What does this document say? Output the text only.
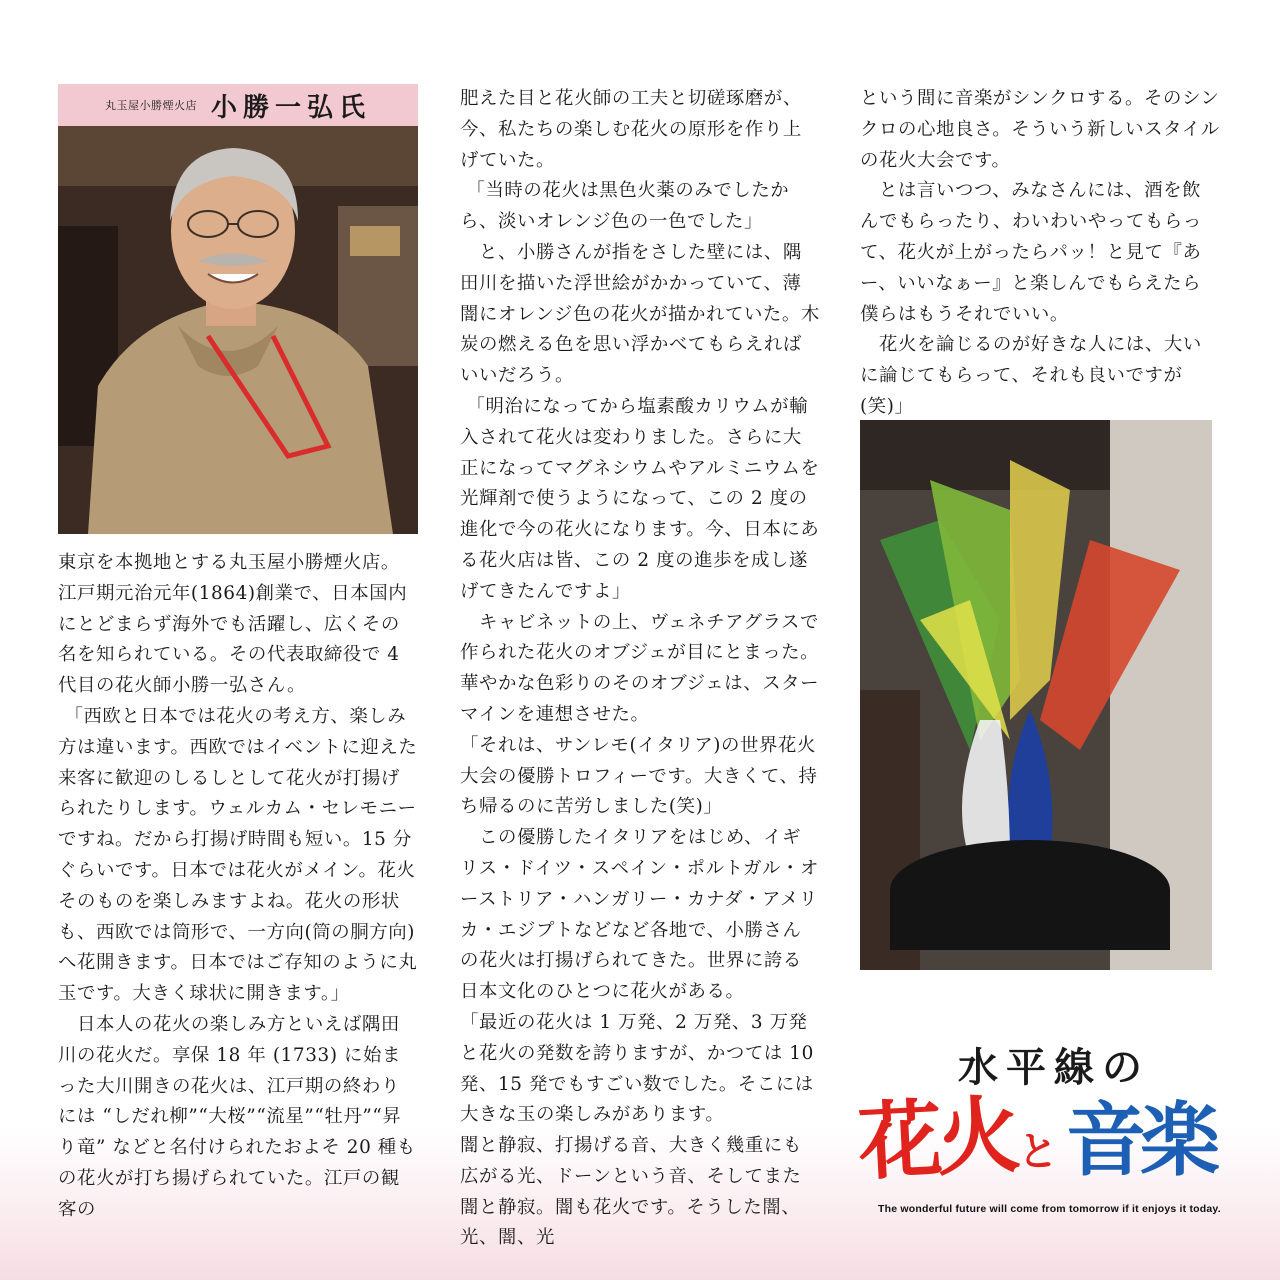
丸玉屋小勝煙火店 小勝一弘氏

東京を本拠地とする丸玉屋小勝煙火店。江戸期元治元年(1864)創業で、日本国内にとどまらず海外でも活躍し、広くその名を知られている。その代表取締役で 4 代目の花火師小勝一弘さん。

「西欧と日本では花火の考え方、楽しみ方は違います。西欧ではイベントに迎えた来客に歓迎のしるしとして花火が打揚げられたりします。ウェルカム・セレモニーですね。だから打揚げ時間も短い。15 分ぐらいです。日本では花火がメイン。花火そのものを楽しみますよね。花火の形状も、西欧では筒形で、一方向(筒の胴方向)へ花開きます。日本ではご存知のように丸玉です。大きく球状に開きます。」

　日本人の花火の楽しみ方といえば隅田川の花火だ。享保 18 年 (1733) に始まった大川開きの花火は、江戸期の終わりには “しだれ柳”“大桜”“流星”“牡丹”“昇り竜” などと名付けられたおよそ 20 種もの花火が打ち揚げられていた。江戸の観客の

肥えた目と花火師の工夫と切磋琢磨が、今、私たちの楽しむ花火の原形を作り上げていた。

「当時の花火は黒色火薬のみでしたから、淡いオレンジ色の一色でした」

　と、小勝さんが指をさした壁には、隅田川を描いた浮世絵がかかっていて、薄闇にオレンジ色の花火が描かれていた。木炭の燃える色を思い浮かべてもらえればいいだろう。

「明治になってから塩素酸カリウムが輸入されて花火は変わりました。さらに大正になってマグネシウムやアルミニウムを光輝剤で使うようになって、この 2 度の進化で今の花火になります。今、日本にある花火店は皆、この 2 度の進歩を成し遂げてきたんですよ」

　キャビネットの上、ヴェネチアグラスで作られた花火のオブジェが目にとまった。華やかな色彩りのそのオブジェは、スターマインを連想させた。

「それは、サンレモ(イタリア)の世界花火大会の優勝トロフィーです。大きくて、持ち帰るのに苦労しました(笑)」

　この優勝したイタリアをはじめ、イギリス・ドイツ・スペイン・ポルトガル・オーストリア・ハンガリー・カナダ・アメリカ・エジプトなどなど各地で、小勝さんの花火は打揚げられてきた。世界に誇る日本文化のひとつに花火がある。

「最近の花火は 1 万発、2 万発、3 万発と花火の発数を誇りますが、かつては 10 発、15 発でもすごい数でした。そこには大きな玉の楽しみがあります。

闇と静寂、打揚げる音、大きく幾重にも広がる光、ドーンという音、そしてまた闇と静寂。闇も花火です。そうした闇、光、闇、光

という間に音楽がシンクロする。そのシンクロの心地良さ。そういう新しいスタイルの花火大会です。

　とは言いつつ、みなさんには、酒を飲んでもらったり、わいわいやってもらって、花火が上がったらパッ！と見て『あー、いいなぁー』と楽しんでもらえたら僕らはもうそれでいい。

　花火を論じるのが好きな人には、大いに論じてもらって、それも良いですが(笑)」

水平線の
花火 と 音楽
The wonderful future will come from tomorrow if it enjoys it today.
